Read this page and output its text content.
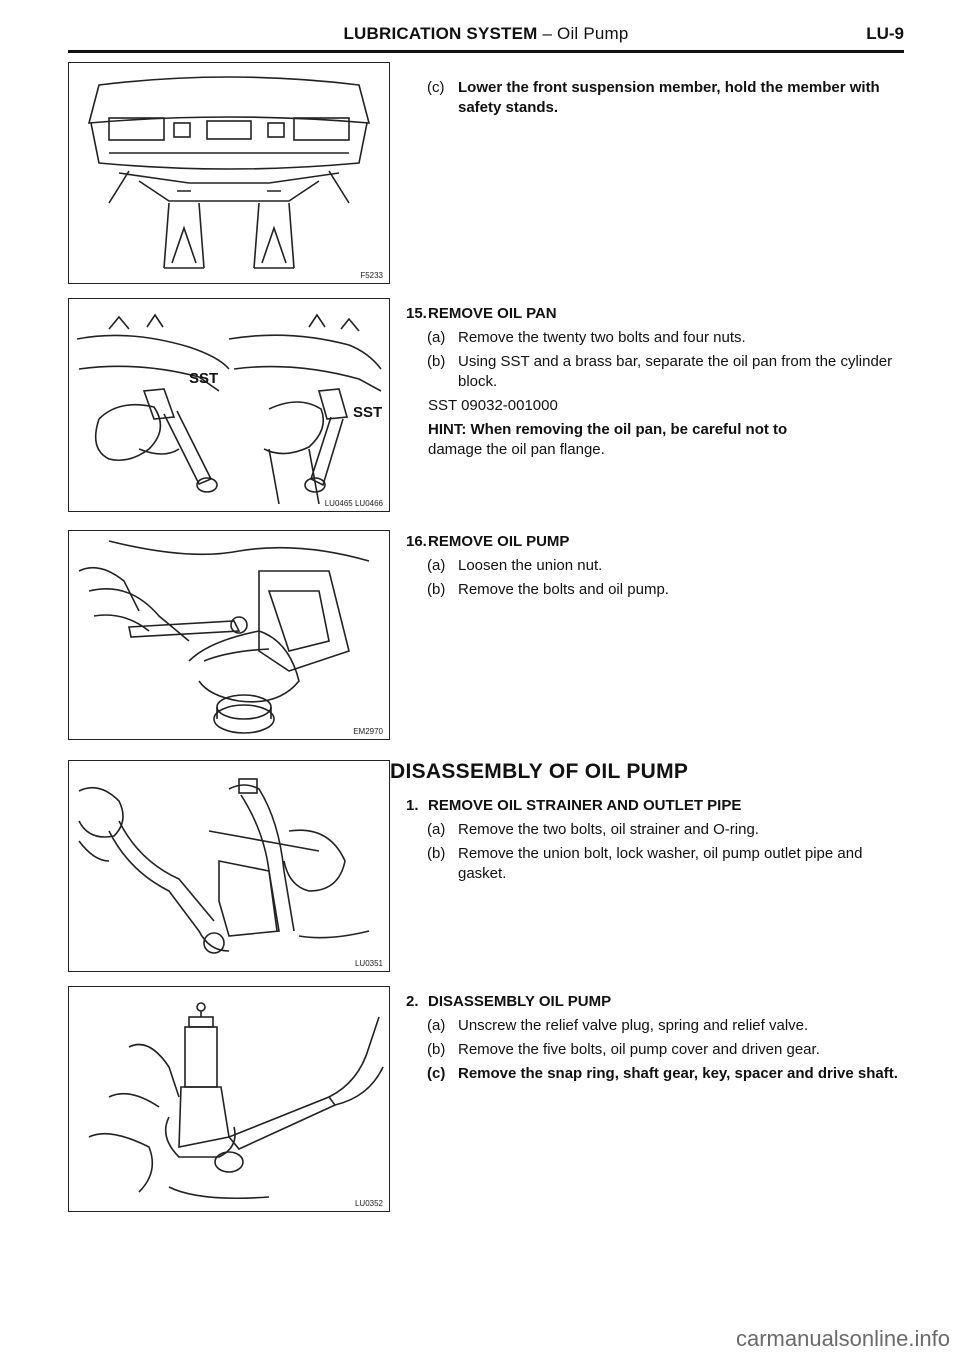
LUBRICATION SYSTEM – Oil Pump	LU-9
F5233
SST
SST
LU0465 LU0466
EM2970
LU0351
LU0352
(c) Lower the front suspension member, hold the member with safety stands.
15.REMOVE OIL PAN
(a) Remove the twenty two bolts and four nuts.
(b) Using SST and a brass bar, separate the oil pan from the cylinder block.
SST 09032-001000
HINT: When removing the oil pan, be careful not to
damage the oil pan flange.
16.REMOVE OIL PUMP
(a) Loosen the union nut.
(b) Remove the bolts and oil pump.
DISASSEMBLY OF OIL PUMP
1. REMOVE OIL STRAINER AND OUTLET PIPE
(a) Remove the two bolts, oil strainer and O-ring.
(b) Remove the union bolt, lock washer, oil pump outlet pipe and gasket.
2. DISASSEMBLY OIL PUMP
(a) Unscrew the relief valve plug, spring and relief valve.
(b) Remove the five bolts, oil pump cover and driven gear.
(c) Remove the snap ring, shaft gear, key, spacer and drive shaft.
carmanualsonline.info
